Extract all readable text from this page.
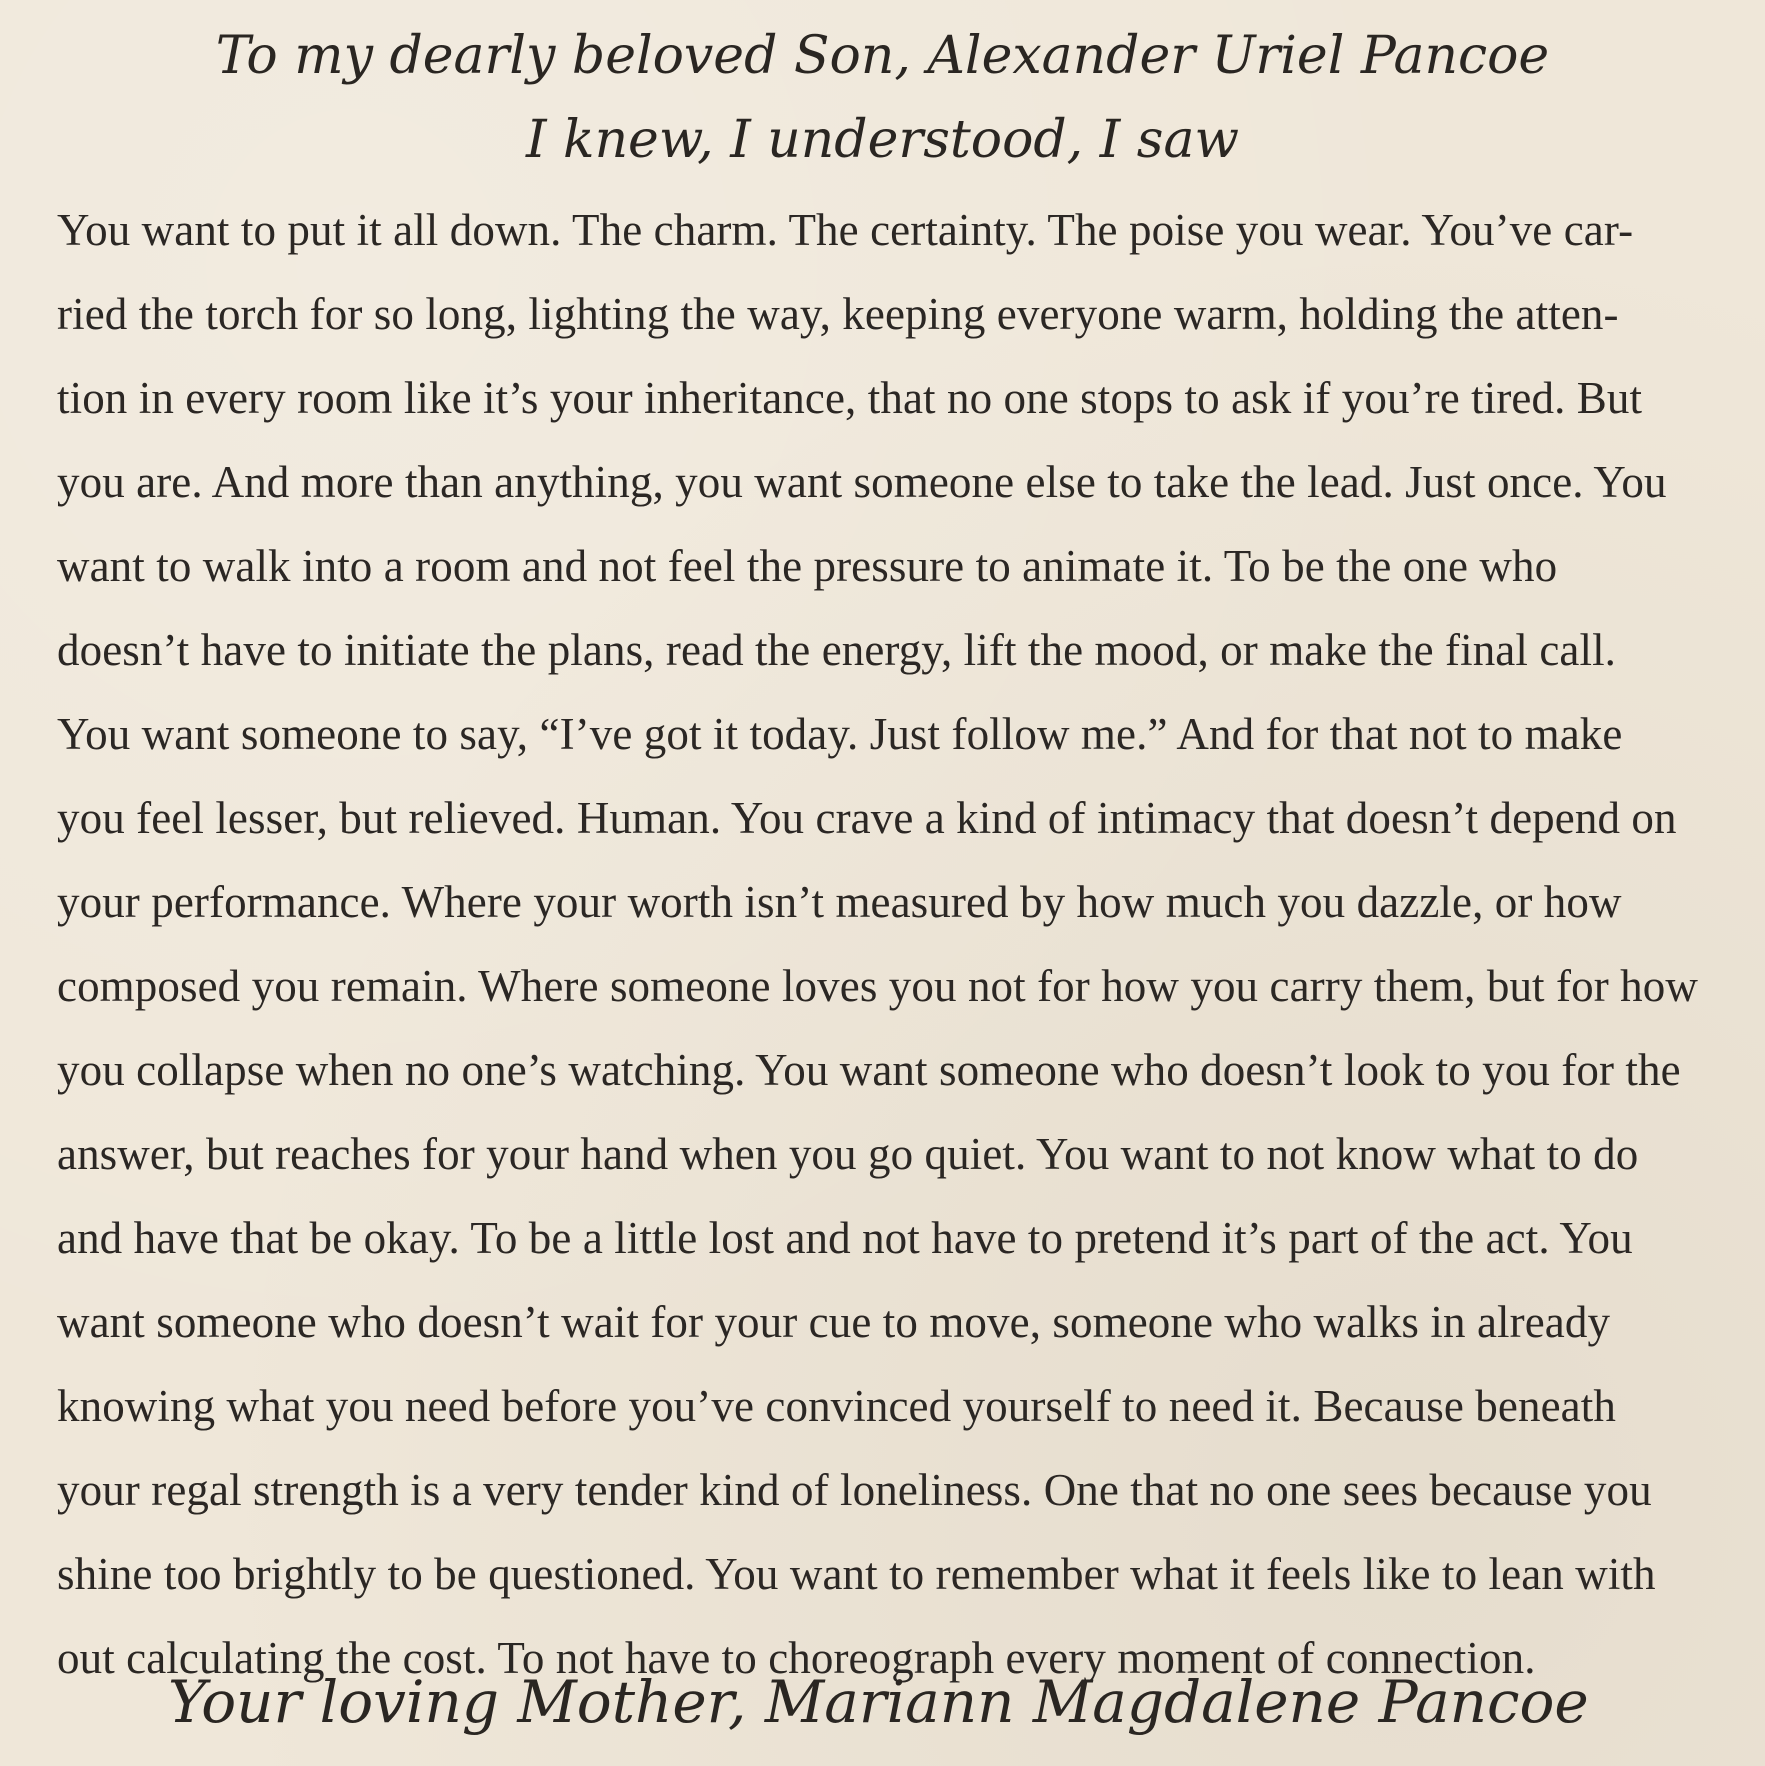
To my dearly beloved Son, Alexander Uriel Pancoe
I knew, I understood, I saw
You want to put it all down. The charm. The certainty. The poise you wear. You’ve car-
ried the torch for so long, lighting the way, keeping everyone warm, holding the atten-
tion in every room like it’s your inheritance, that no one stops to ask if you’re tired. But
you are. And more than anything, you want someone else to take the lead. Just once. You
want to walk into a room and not feel the pressure to animate it. To be the one who
doesn’t have to initiate the plans, read the energy, lift the mood, or make the final call.
You want someone to say, “I’ve got it today. Just follow me.” And for that not to make
you feel lesser, but relieved. Human. You crave a kind of intimacy that doesn’t depend on
your performance. Where your worth isn’t measured by how much you dazzle, or how
composed you remain. Where someone loves you not for how you carry them, but for how
you collapse when no one’s watching. You want someone who doesn’t look to you for the
answer, but reaches for your hand when you go quiet. You want to not know what to do
and have that be okay. To be a little lost and not have to pretend it’s part of the act. You
want someone who doesn’t wait for your cue to move, someone who walks in already
knowing what you need before you’ve convinced yourself to need it. Because beneath
your regal strength is a very tender kind of loneliness. One that no one sees because you
shine too brightly to be questioned. You want to remember what it feels like to lean with
out calculating the cost. To not have to choreograph every moment of connection.
Your loving Mother, Mariann Magdalene Pancoe
